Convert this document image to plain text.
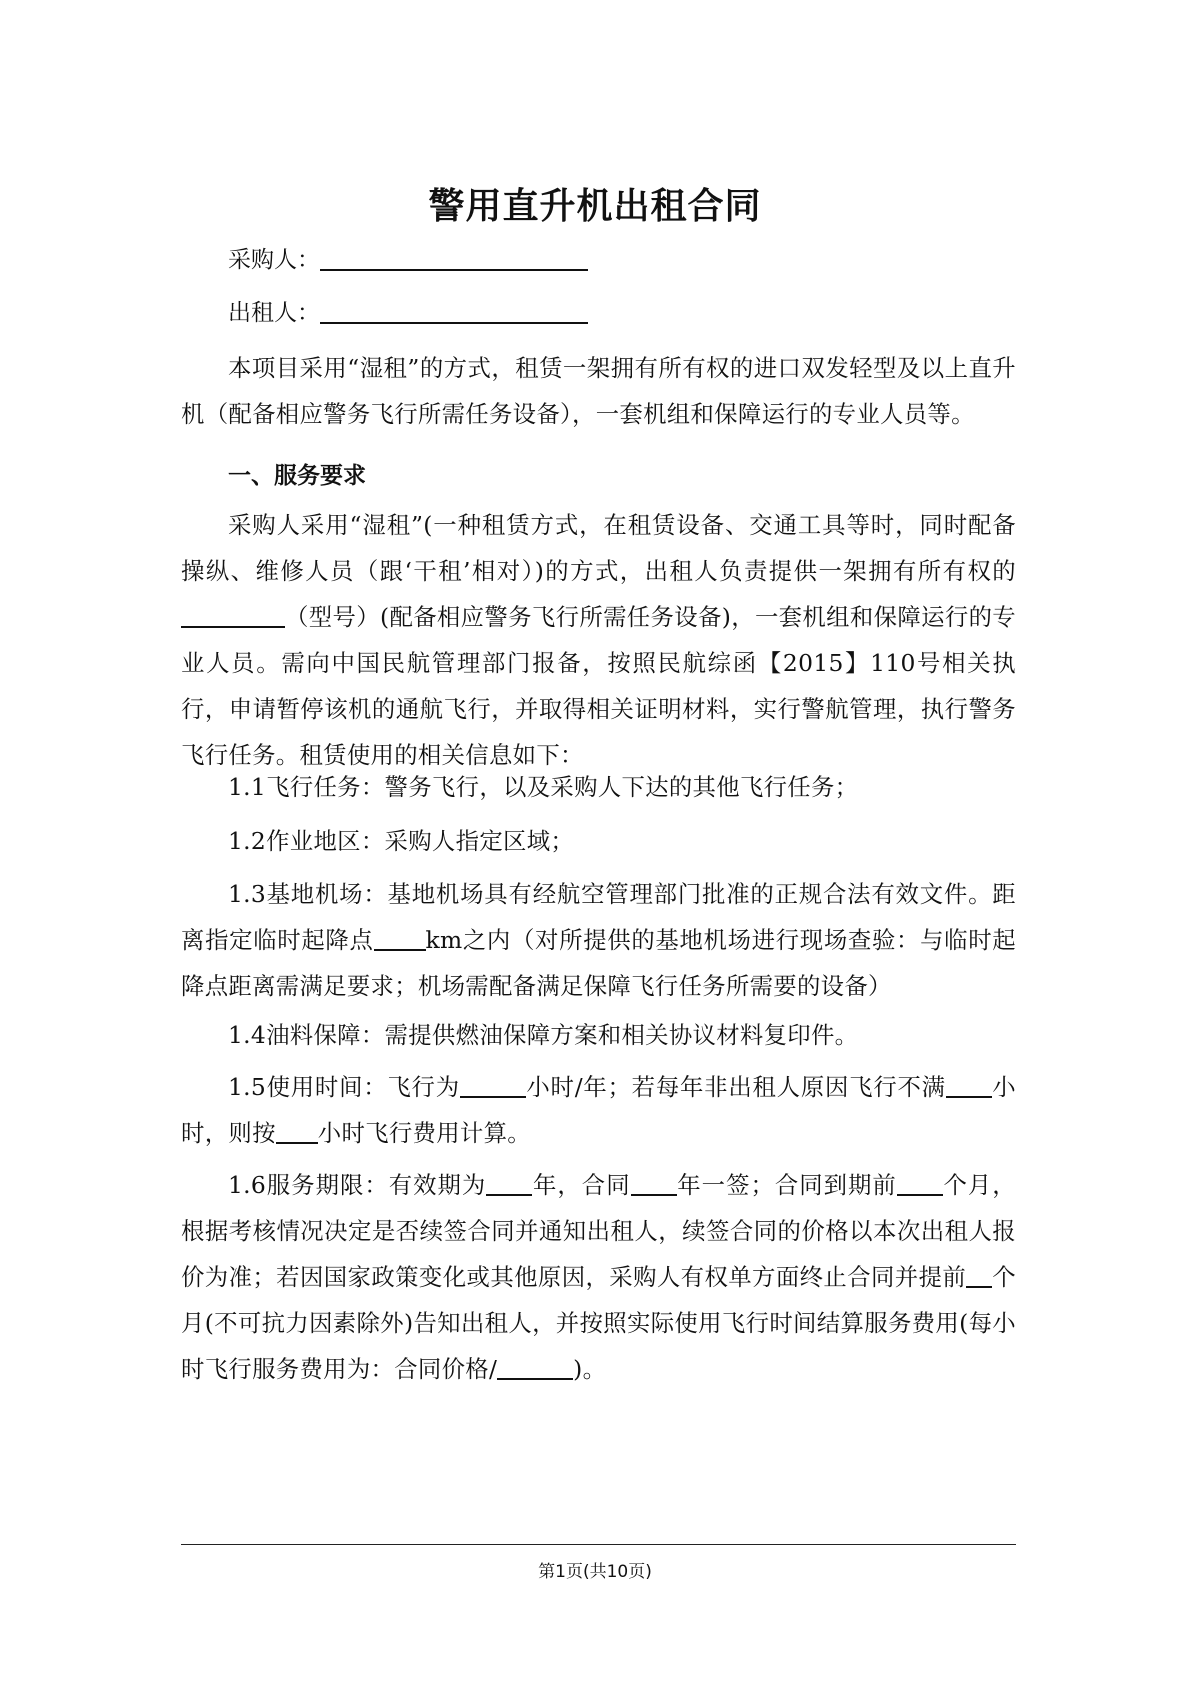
警用直升机出租合同
采购人：
出租人：

本项目采用“湿租”的方式，租赁一架拥有所有权的进口双发轻型及以上直升机（配备相应警务飞行所需任务设备），一套机组和保障运行的专业人员等。

一、服务要求

采购人采用“湿租”(一种租赁方式，在租赁设备、交通工具等时，同时配备操纵、维修人员（跟‘干租’相对）)的方式，出租人负责提供一架拥有所有权的（型号）(配备相应警务飞行所需任务设备)，一套机组和保障运行的专业人员。需向中国民航管理部门报备，按照民航综函【2015】110号相关执行，申请暂停该机的通航飞行，并取得相关证明材料，实行警航管理，执行警务飞行任务。租赁使用的相关信息如下：

1.1飞行任务：警务飞行，以及采购人下达的其他飞行任务；

1.2作业地区：采购人指定区域；

1.3基地机场：基地机场具有经航空管理部门批准的正规合法有效文件。距离指定临时起降点 km之内（对所提供的基地机场进行现场查验：与临时起降点距离需满足要求；机场需配备满足保障飞行任务所需要的设备）

1.4油料保障：需提供燃油保障方案和相关协议材料复印件。

1.5使用时间：飞行为	小时/年；若每年非出租人原因飞行不满 小时，则按 小时飞行费用计算。

1.6服务期限：有效期为 年，合同 年一签；合同到期前 个月，根据考核情况决定是否续签合同并通知出租人，续签合同的价格以本次出租人报价为准；若因国家政策变化或其他原因，采购人有权单方面终止合同并提前 个月(不可抗力因素除外)告知出租人，并按照实际使用飞行时间结算服务费用(每小时飞行服务费用为：合同价格/	)。

第1页(共10页)
